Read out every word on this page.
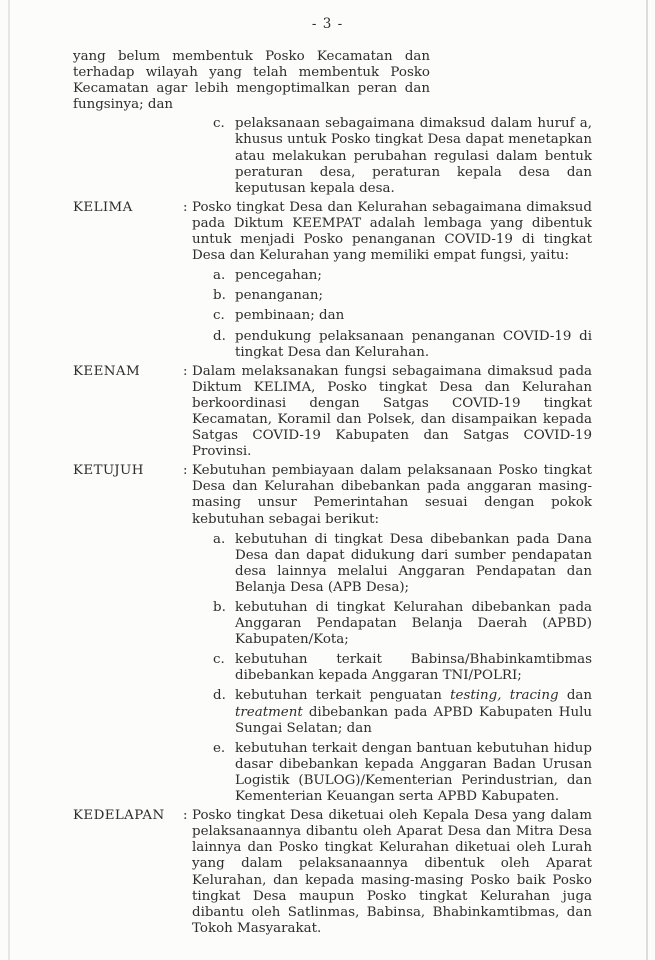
- 3 -

yang belum membentuk Posko Kecamatan dan terhadap wilayah yang telah membentuk Posko Kecamatan agar lebih mengoptimalkan peran dan fungsinya; dan

c. pelaksanaan sebagaimana dimaksud dalam huruf a, khusus untuk Posko tingkat Desa dapat menetapkan atau melakukan perubahan regulasi dalam bentuk peraturan desa, peraturan kepala desa dan keputusan kepala desa.

KELIMA	: Posko tingkat Desa dan Kelurahan sebagaimana dimaksud pada Diktum KEEMPAT adalah lembaga yang dibentuk untuk menjadi Posko penanganan COVID-19 di tingkat Desa dan Kelurahan yang memiliki empat fungsi, yaitu:

a. pencegahan;

b. penanganan;

c. pembinaan; dan

d. pendukung pelaksanaan penanganan COVID-19 di tingkat Desa dan Kelurahan.

KEENAM	: Dalam melaksanakan fungsi sebagaimana dimaksud pada Diktum KELIMA, Posko tingkat Desa dan Kelurahan berkoordinasi dengan Satgas COVID-19 tingkat Kecamatan, Koramil dan Polsek, dan disampaikan kepada Satgas COVID-19 Kabupaten dan Satgas COVID-19 Provinsi.

KETUJUH	: Kebutuhan pembiayaan dalam pelaksanaan Posko tingkat Desa dan Kelurahan dibebankan pada anggaran masing-masing unsur Pemerintahan sesuai dengan pokok kebutuhan sebagai berikut:

a. kebutuhan di tingkat Desa dibebankan pada Dana Desa dan dapat didukung dari sumber pendapatan desa lainnya melalui Anggaran Pendapatan dan Belanja Desa (APB Desa);

b. kebutuhan di tingkat Kelurahan dibebankan pada Anggaran Pendapatan Belanja Daerah (APBD) Kabupaten/Kota;

c. kebutuhan terkait Babinsa/Bhabinkamtibmas dibebankan kepada Anggaran TNI/POLRI;

d. kebutuhan terkait penguatan testing, tracing dan treatment dibebankan pada APBD Kabupaten Hulu Sungai Selatan; dan

e. kebutuhan terkait dengan bantuan kebutuhan hidup dasar dibebankan kepada Anggaran Badan Urusan Logistik (BULOG)/Kementerian Perindustrian, dan Kementerian Keuangan serta APBD Kabupaten.

KEDELAPAN	: Posko tingkat Desa diketuai oleh Kepala Desa yang dalam pelaksanaannya dibantu oleh Aparat Desa dan Mitra Desa lainnya dan Posko tingkat Kelurahan diketuai oleh Lurah yang dalam pelaksanaannya dibentuk oleh Aparat Kelurahan, dan kepada masing-masing Posko baik Posko tingkat Desa maupun Posko tingkat Kelurahan juga dibantu oleh Satlinmas, Babinsa, Bhabinkamtibmas, dan Tokoh Masyarakat.
